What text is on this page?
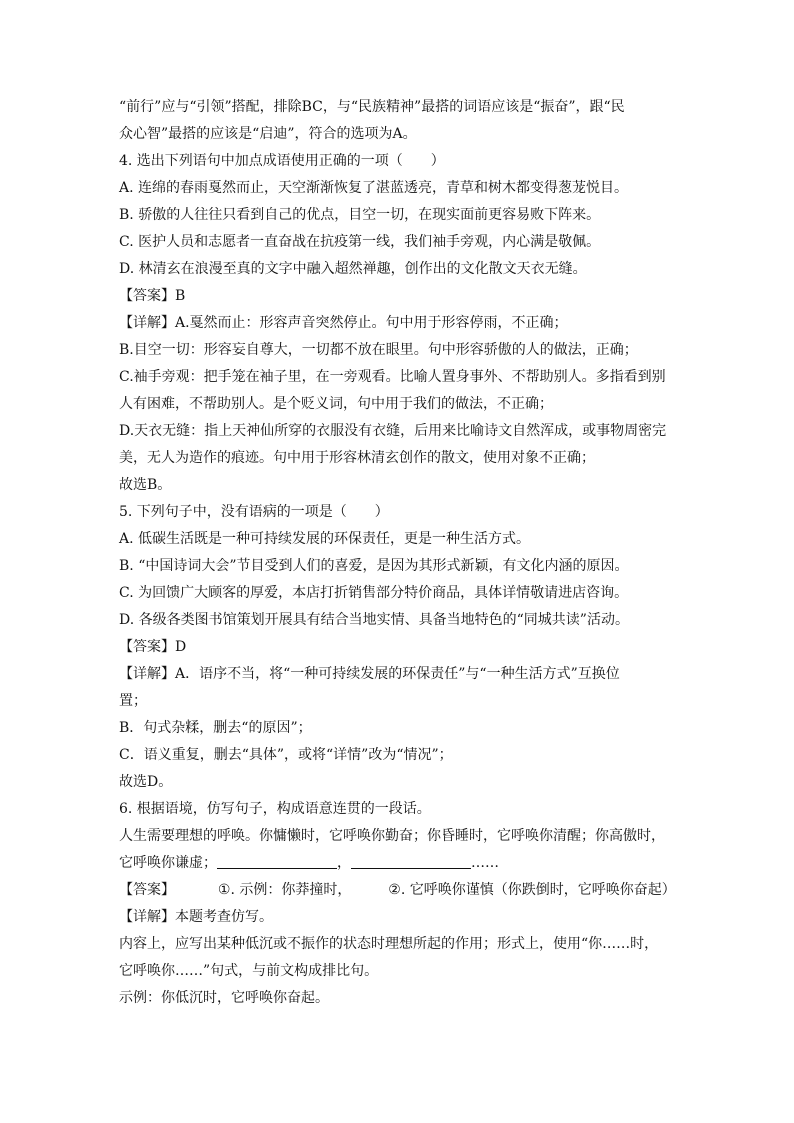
“前行”应与“引领”搭配，排除BC，与“民族精神”最搭的词语应该是“振奋”，跟“民
众心智”最搭的应该是“启迪”，符合的选项为A。
4. 选出下列语句中加点成语使用正确的一项（　　）
A. 连绵的春雨戛然而止，天空渐渐恢复了湛蓝透亮，青草和树木都变得葱茏悦目。
B. 骄傲的人往往只看到自己的优点，目空一切，在现实面前更容易败下阵来。
C. 医护人员和志愿者一直奋战在抗疫第一线，我们袖手旁观，内心满是敬佩。
D. 林清玄在浪漫至真的文字中融入超然禅趣，创作出的文化散文天衣无缝。
【答案】B
【详解】A.戛然而止：形容声音突然停止。句中用于形容停雨，不正确；
B.目空一切：形容妄自尊大，一切都不放在眼里。句中形容骄傲的人的做法，正确；
C.袖手旁观：把手笼在袖子里，在一旁观看。比喻人置身事外、不帮助别人。多指看到别
人有困难，不帮助别人。是个贬义词，句中用于我们的做法，不正确；
D.天衣无缝：指上天神仙所穿的衣服没有衣缝，后用来比喻诗文自然浑成，或事物周密完
美，无人为造作的痕迹。句中用于形容林清玄创作的散文，使用对象不正确；
故选B。
5. 下列句子中，没有语病的一项是（　　）
A. 低碳生活既是一种可持续发展的环保责任，更是一种生活方式。
B. “中国诗词大会”节目受到人们的喜爱，是因为其形式新颖，有文化内涵的原因。
C. 为回馈广大顾客的厚爱，本店打折销售部分特价商品，具体详情敬请进店咨询。
D. 各级各类图书馆策划开展具有结合当地实情、具备当地特色的“同城共读”活动。
【答案】D
【详解】A．语序不当，将“一种可持续发展的环保责任”与“一种生活方式”互换位
置；
B．句式杂糅，删去“的原因”；
C．语义重复，删去“具体”，或将“详情”改为“情况”；
故选D。
6. 根据语境，仿写句子，构成语意连贯的一段话。
人生需要理想的呼唤。你慵懒时，它呼唤你勤奋；你昏睡时，它呼唤你清醒；你高傲时，
它呼唤你谦虚；	，	……
【答案】	①. 示例：你莽撞时，	②. 它呼唤你谨慎（你跌倒时，它呼唤你奋起）
【详解】本题考查仿写。
内容上，应写出某种低沉或不振作的状态时理想所起的作用；形式上，使用“你……时，
它呼唤你……”句式，与前文构成排比句。
示例：你低沉时，它呼唤你奋起。
